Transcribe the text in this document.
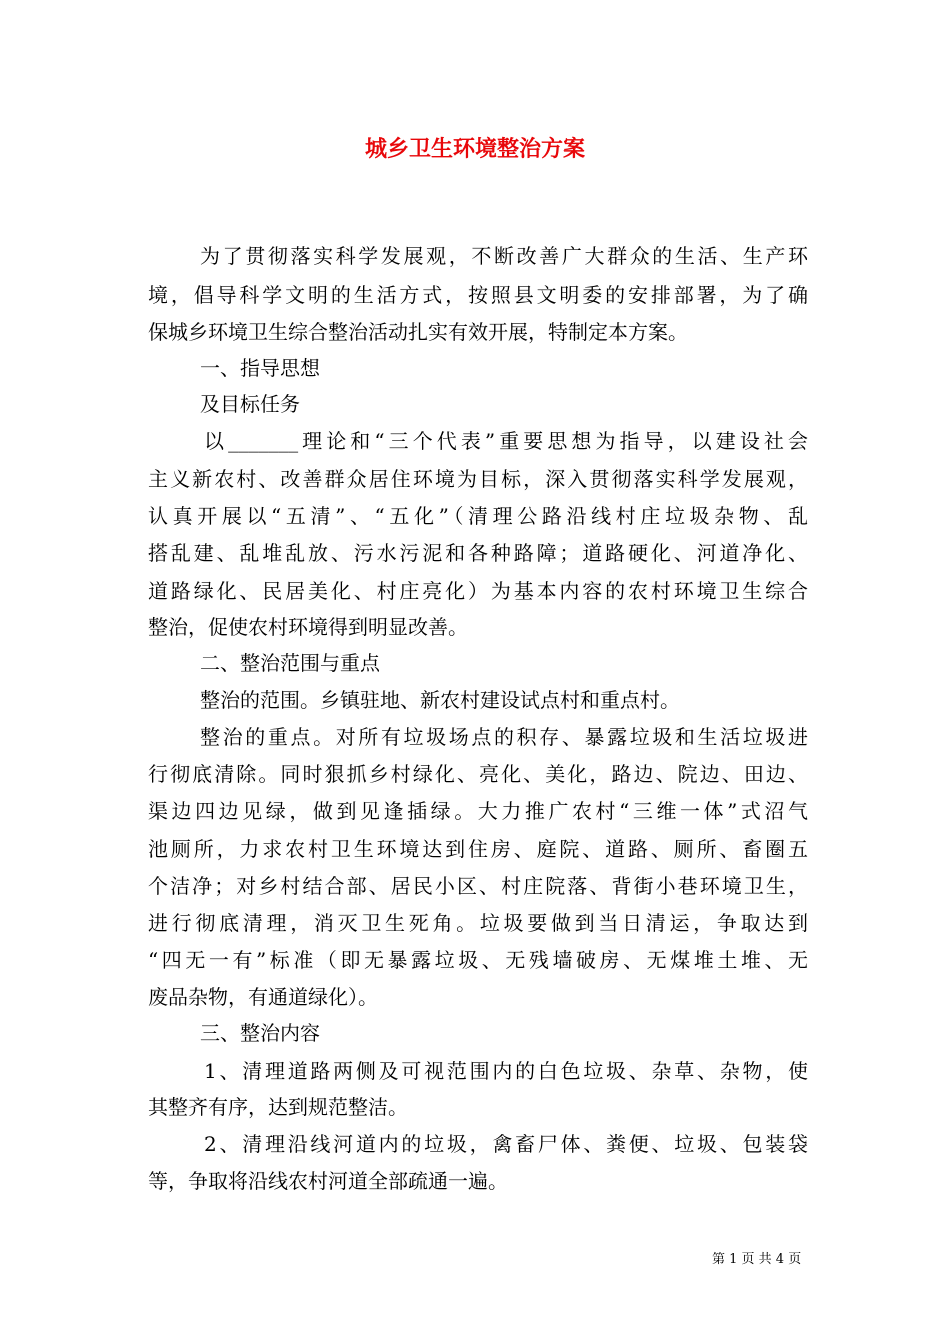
城乡卫生环境整治方案
为了贯彻落实科学发展观，不断改善广大群众的生活、生产环
境，倡导科学文明的生活方式，按照县文明委的安排部署，为了确
保城乡环境卫生综合整治活动扎实有效开展，特制定本方案。
一、指导思想
及目标任务
以_______理论和“三个代表”重要思想为指导，以建设社会
主义新农村、改善群众居住环境为目标，深入贯彻落实科学发展观，
认真开展以“五清”、“五化”（清理公路沿线村庄垃圾杂物、乱
搭乱建、乱堆乱放、污水污泥和各种路障；道路硬化、河道净化、
道路绿化、民居美化、村庄亮化）为基本内容的农村环境卫生综合
整治，促使农村环境得到明显改善。
二、整治范围与重点
整治的范围。乡镇驻地、新农村建设试点村和重点村。
整治的重点。对所有垃圾场点的积存、暴露垃圾和生活垃圾进
行彻底清除。同时狠抓乡村绿化、亮化、美化，路边、院边、田边、
渠边四边见绿，做到见逢插绿。大力推广农村“三维一体”式沼气
池厕所，力求农村卫生环境达到住房、庭院、道路、厕所、畜圈五
个洁净；对乡村结合部、居民小区、村庄院落、背街小巷环境卫生，
进行彻底清理，消灭卫生死角。垃圾要做到当日清运，争取达到
“四无一有”标准（即无暴露垃圾、无残墙破房、无煤堆土堆、无
废品杂物，有通道绿化）。
三、整治内容
1、清理道路两侧及可视范围内的白色垃圾、杂草、杂物，使
其整齐有序，达到规范整洁。
2、清理沿线河道内的垃圾，禽畜尸体、粪便、垃圾、包装袋
等，争取将沿线农村河道全部疏通一遍。
第 1 页 共 4 页
